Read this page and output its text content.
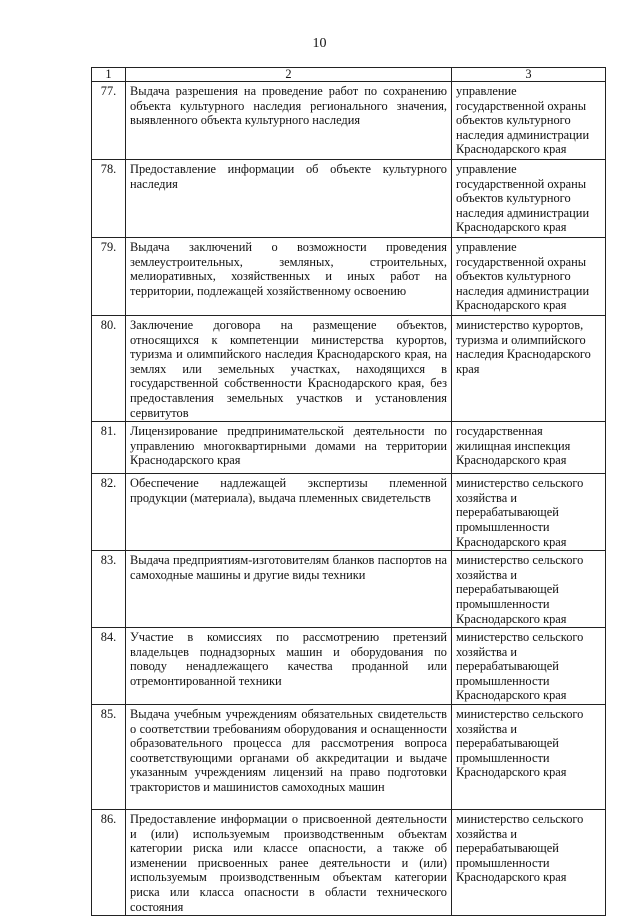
10
1	2	3
77.	Выдача разрешения на проведение работ по сохранению объекта культурного наследия регионального значения, выявленного объекта культурного наследия	управление государственной охраны объектов культурного наследия администрации Краснодарского края
78.	Предоставление информации об объекте культурного наследия	управление государственной охраны объектов культурного наследия администрации Краснодарского края
79.	Выдача заключений о возможности проведения землеустроительных, земляных, строительных, мелиоративных, хозяйственных и иных работ на территории, подлежащей хозяйственному освоению	управление государственной охраны объектов культурного наследия администрации Краснодарского края
80.	Заключение договора на размещение объектов, относящихся к компетенции министерства курортов, туризма и олимпийского наследия Краснодарского края, на землях или земельных участках, находящихся в государственной собственности Краснодарского края, без предоставления земельных участков и установления сервитутов	министерство курортов, туризма и олимпийского наследия Краснодарского края
81.	Лицензирование предпринимательской деятельности по управлению многоквартирными домами на территории Краснодарского края	государственная жилищная инспекция Краснодарского края
82.	Обеспечение надлежащей экспертизы племенной продукции (материала), выдача племенных свидетельств	министерство сельского хозяйства и перерабатывающей промышленности Краснодарского края
83.	Выдача предприятиям-изготовителям бланков паспортов на самоходные машины и другие виды техники	министерство сельского хозяйства и перерабатывающей промышленности Краснодарского края
84.	Участие в комиссиях по рассмотрению претензий владельцев поднадзорных машин и оборудования по поводу ненадлежащего качества проданной или отремонтированной техники	министерство сельского хозяйства и перерабатывающей промышленности Краснодарского края
85.	Выдача учебным учреждениям обязательных свидетельств о соответствии требованиям оборудования и оснащенности образовательного процесса для рассмотрения вопроса соответствующими органами об аккредитации и выдаче указанным учреждениям лицензий на право подготовки трактористов и машинистов самоходных машин	министерство сельского хозяйства и перерабатывающей промышленности Краснодарского края
86.	Предоставление информации о присвоенной деятельности и (или) используемым производственным объектам категории риска или классе опасности, а также об изменении присвоенных ранее деятельности и (или) используемым производственным объектам категории риска или класса опасности в области технического состояния	министерство сельского хозяйства и перерабатывающей промышленности Краснодарского края
